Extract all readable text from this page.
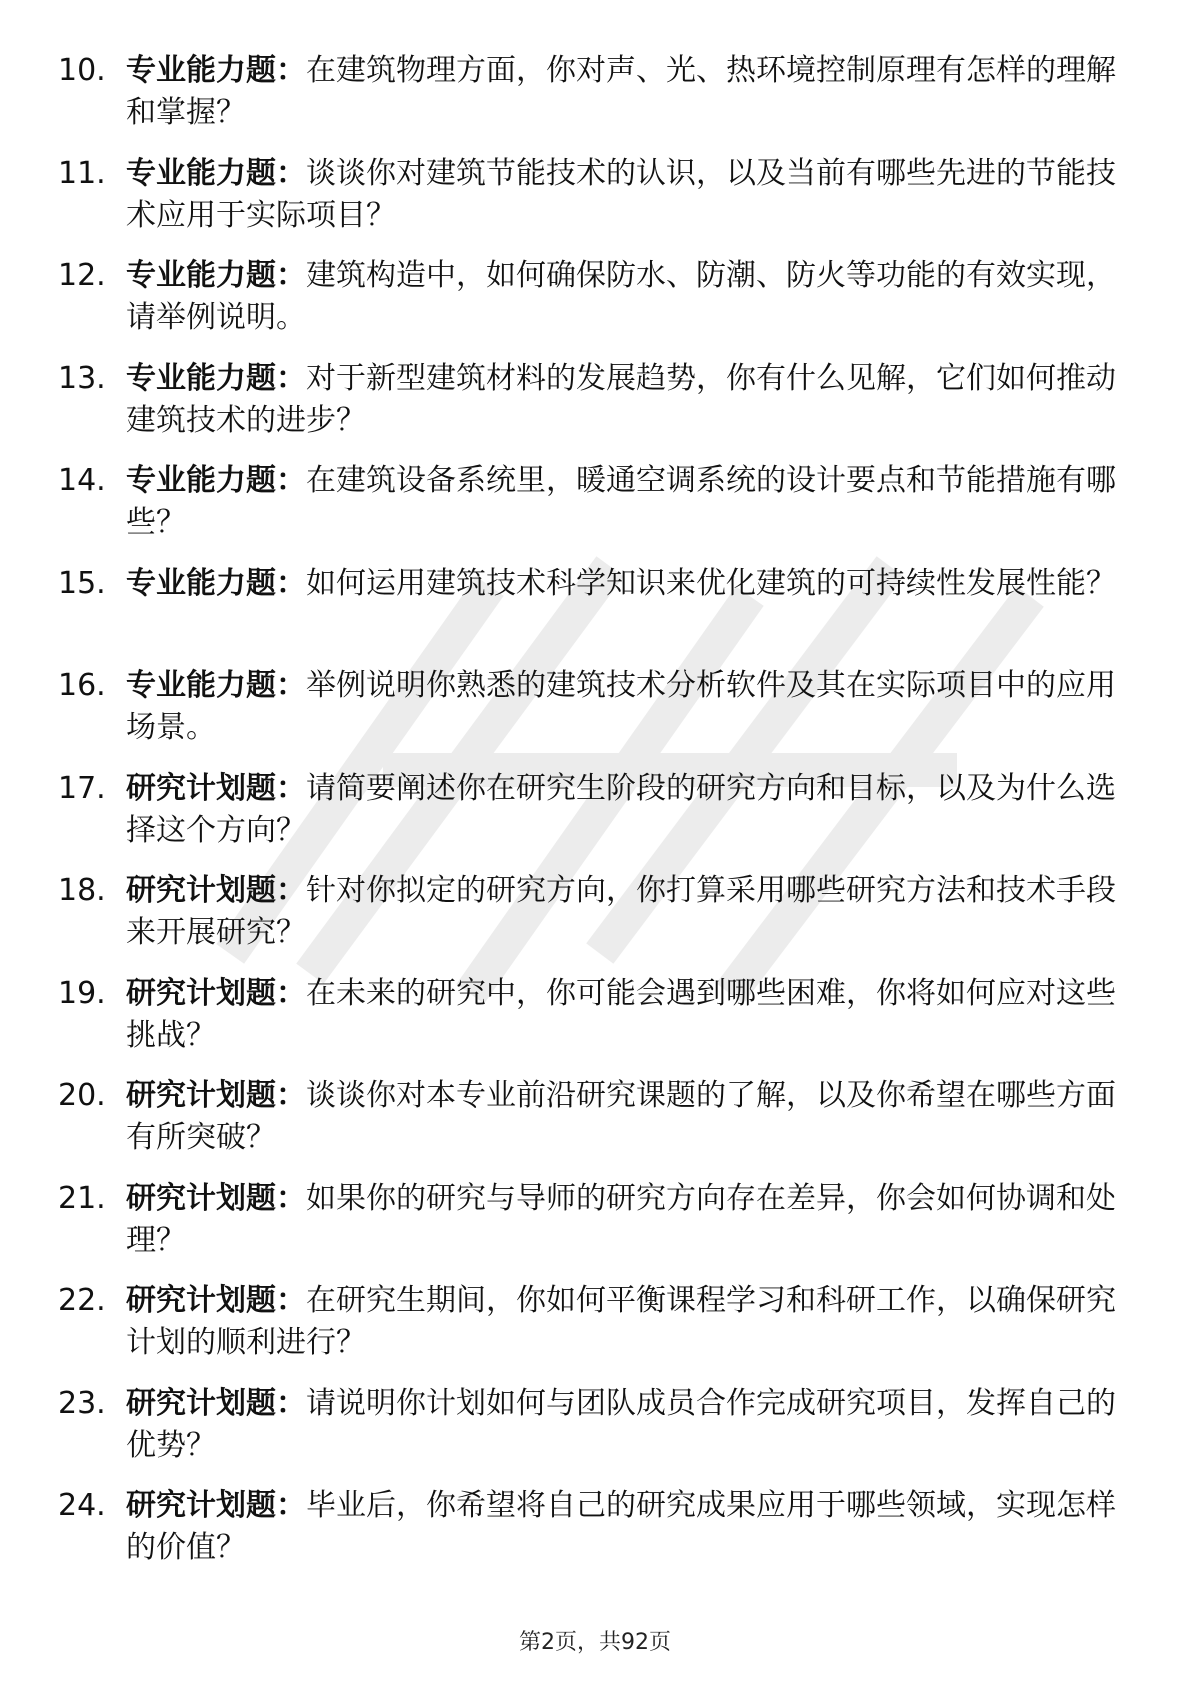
10. 专业能力题：在建筑物理方面，你对声、光、热环境控制原理有怎样的理解和掌握？
11. 专业能力题：谈谈你对建筑节能技术的认识，以及当前有哪些先进的节能技术应用于实际项目？
12. 专业能力题：建筑构造中，如何确保防水、防潮、防火等功能的有效实现，请举例说明。
13. 专业能力题：对于新型建筑材料的发展趋势，你有什么见解，它们如何推动建筑技术的进步？
14. 专业能力题：在建筑设备系统里，暖通空调系统的设计要点和节能措施有哪些？
15. 专业能力题：如何运用建筑技术科学知识来优化建筑的可持续性发展性能？
16. 专业能力题：举例说明你熟悉的建筑技术分析软件及其在实际项目中的应用场景。
17. 研究计划题：请简要阐述你在研究生阶段的研究方向和目标，以及为什么选择这个方向？
18. 研究计划题：针对你拟定的研究方向，你打算采用哪些研究方法和技术手段来开展研究？
19. 研究计划题：在未来的研究中，你可能会遇到哪些困难，你将如何应对这些挑战？
20. 研究计划题：谈谈你对本专业前沿研究课题的了解，以及你希望在哪些方面有所突破？
21. 研究计划题：如果你的研究与导师的研究方向存在差异，你会如何协调和处理？
22. 研究计划题：在研究生期间，你如何平衡课程学习和科研工作，以确保研究计划的顺利进行？
23. 研究计划题：请说明你计划如何与团队成员合作完成研究项目，发挥自己的优势？
24. 研究计划题：毕业后，你希望将自己的研究成果应用于哪些领域，实现怎样的价值？
第2页，共92页
